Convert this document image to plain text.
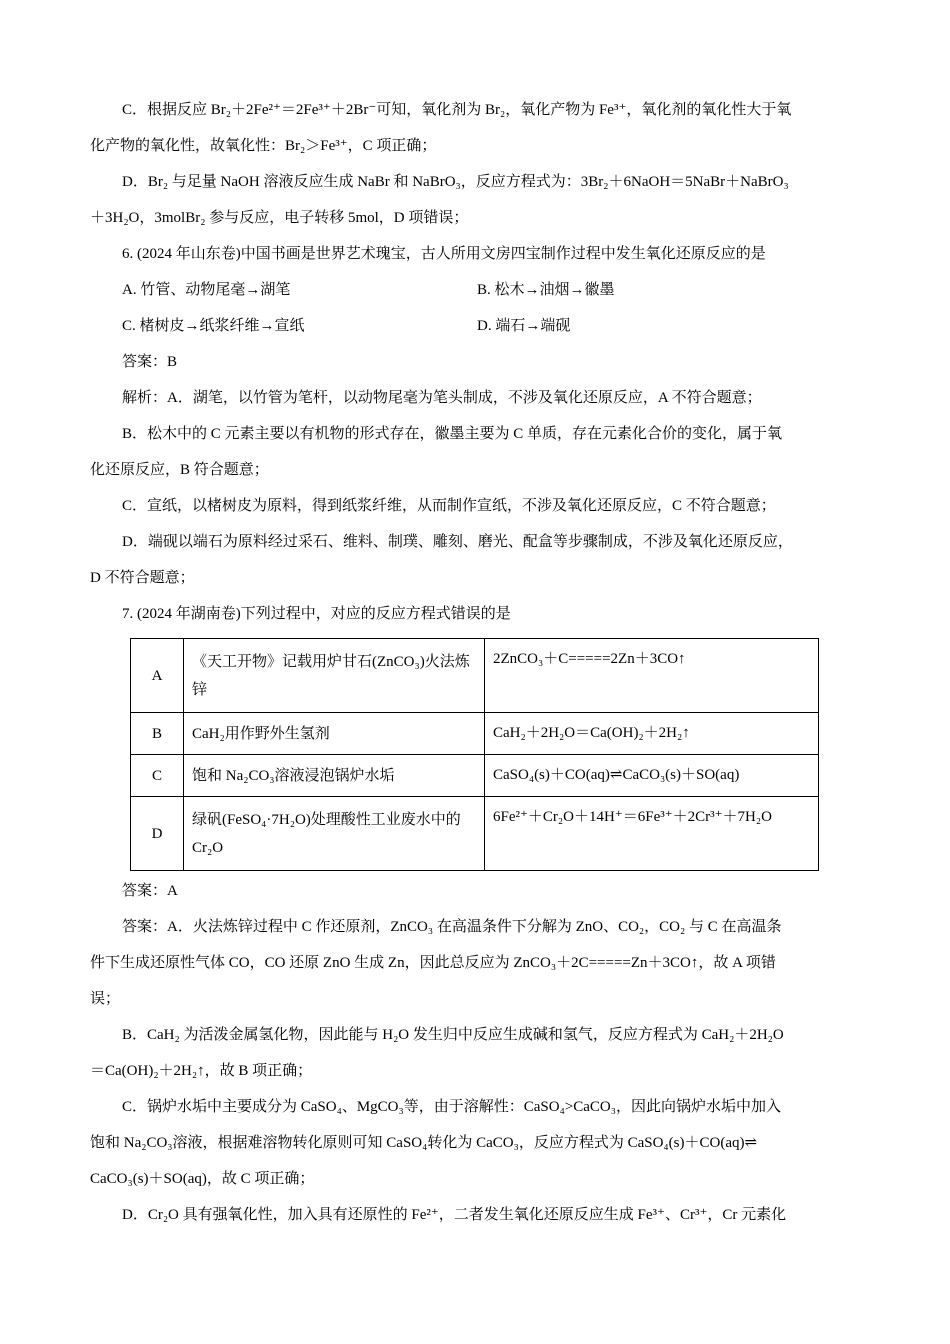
C．根据反应 Br₂＋2Fe²⁺＝2Fe³⁺＋2Br⁻可知，氧化剂为 Br₂，氧化产物为 Fe³⁺，氧化剂的氧化性大于氧
化产物的氧化性，故氧化性：Br₂＞Fe³⁺，C 项正确；
D．Br₂ 与足量 NaOH 溶液反应生成 NaBr 和 NaBrO₃，反应方程式为：3Br₂＋6NaOH＝5NaBr＋NaBrO₃
＋3H₂O，3molBr₂ 参与反应，电子转移 5mol，D 项错误；
6. (2024 年山东卷)中国书画是世界艺术瑰宝，古人所用文房四宝制作过程中发生氧化还原反应的是
A. 竹管、动物尾毫→湖笔	B. 松木→油烟→徽墨
C. 楮树皮→纸浆纤维→宣纸	D. 端石→端砚
答案：B
解析：A．湖笔，以竹管为笔杆，以动物尾毫为笔头制成，不涉及氧化还原反应，A 不符合题意；
B．松木中的 C 元素主要以有机物的形式存在，徽墨主要为 C 单质，存在元素化合价的变化，属于氧
化还原反应，B 符合题意；
C．宣纸，以楮树皮为原料，得到纸浆纤维，从而制作宣纸，不涉及氧化还原反应，C 不符合题意；
D．端砚以端石为原料经过采石、维料、制璞、雕刻、磨光、配盒等步骤制成，不涉及氧化还原反应，
D 不符合题意；
7. (2024 年湖南卷)下列过程中，对应的反应方程式错误的是
A	《天工开物》记载用炉甘石(ZnCO₃)火法炼锌	2ZnCO₃＋C=====2Zn＋3CO↑
B	CaH₂用作野外生氢剂	CaH₂＋2H₂O＝Ca(OH)₂＋2H₂↑
C	饱和 Na₂CO₃溶液浸泡锅炉水垢	CaSO₄(s)＋CO(aq)⇌CaCO₃(s)＋SO(aq)
D	绿矾(FeSO₄·7H₂O)处理酸性工业废水中的 Cr₂O	6Fe²⁺＋Cr₂O＋14H⁺＝6Fe³⁺＋2Cr³⁺＋7H₂O
答案：A
答案：A．火法炼锌过程中 C 作还原剂，ZnCO₃ 在高温条件下分解为 ZnO、CO₂，CO₂ 与 C 在高温条
件下生成还原性气体 CO，CO 还原 ZnO 生成 Zn，因此总反应为 ZnCO₃＋2C=====Zn＋3CO↑，故 A 项错
误；
B．CaH₂ 为活泼金属氢化物，因此能与 H₂O 发生归中反应生成碱和氢气，反应方程式为 CaH₂＋2H₂O
＝Ca(OH)₂＋2H₂↑，故 B 项正确；
C．锅炉水垢中主要成分为 CaSO₄、MgCO₃等，由于溶解性：CaSO₄>CaCO₃，因此向锅炉水垢中加入
饱和 Na₂CO₃溶液，根据难溶物转化原则可知 CaSO₄转化为 CaCO₃，反应方程式为 CaSO₄(s)＋CO(aq)⇌
CaCO₃(s)＋SO(aq)，故 C 项正确；
D．Cr₂O 具有强氧化性，加入具有还原性的 Fe²⁺，二者发生氧化还原反应生成 Fe³⁺、Cr³⁺，Cr 元素化
